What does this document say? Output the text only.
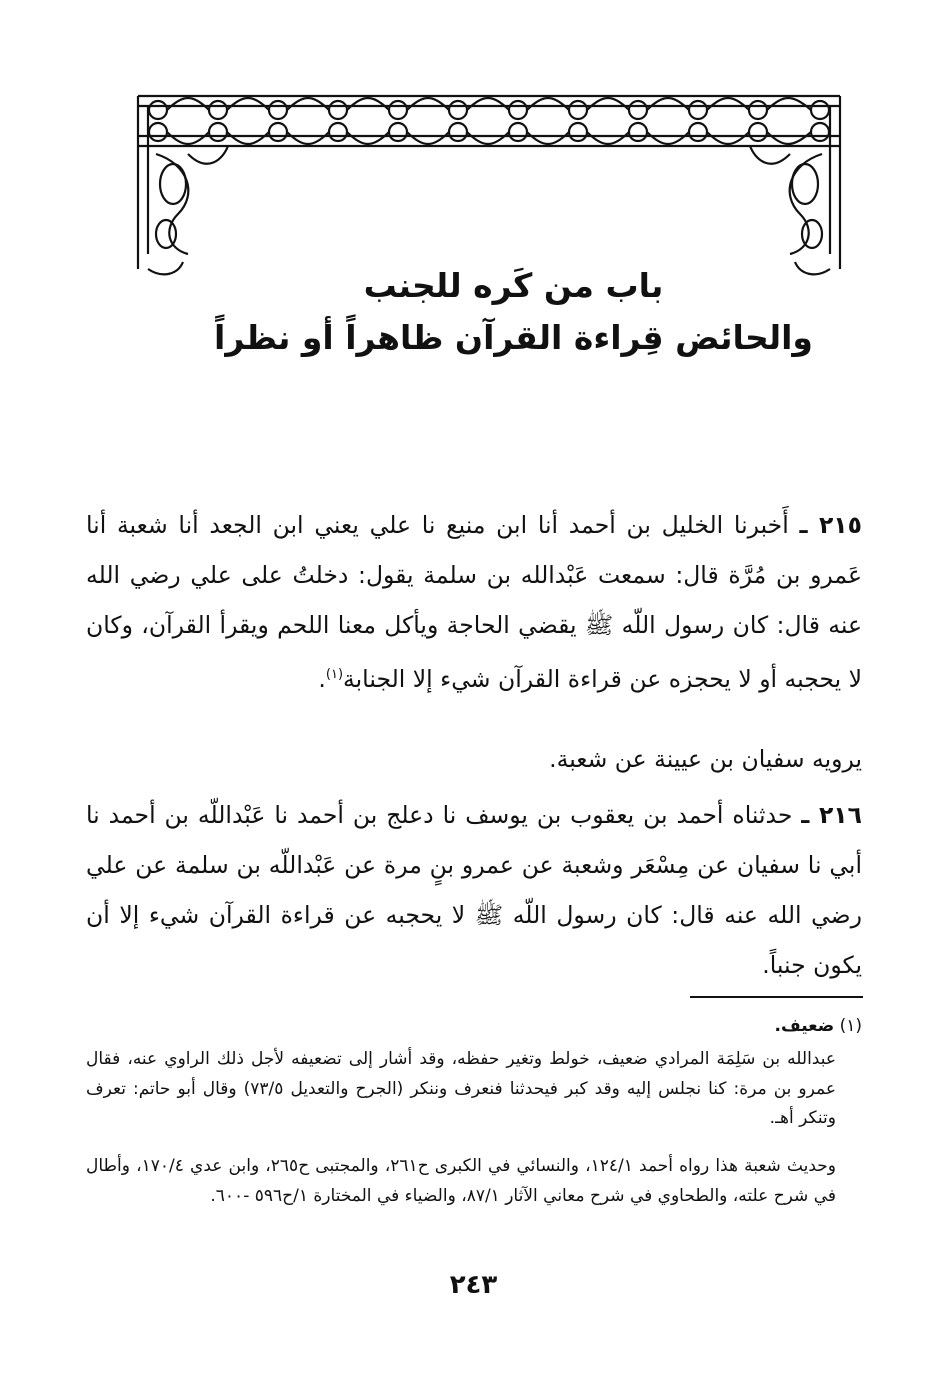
باب من كَره للجنب
والحائض قِراءة القرآن ظاهراً أو نظراً

٢١٥ ـ أَخبرنا الخليل بن أحمد أنا ابن منيع نا علي يعني ابن الجعد أنا شعبة أنا عَمرو بن مُرَّة قال: سمعت عَبْدالله بن سلمة يقول: دخلتُ على علي رضي الله عنه قال: كان رسول اللّه ﷺ يقضي الحاجة ويأكل معنا اللحم ويقرأ القرآن، وكان لا يحجبه أو لا يحجزه عن قراءة القرآن شيء إلا الجنابة$^{(١)}$.

يرويه سفيان بن عيينة عن شعبة.

٢١٦ ـ حدثناه أحمد بن يعقوب بن يوسف نا دعلج بن أحمد نا عَبْداللّه بن أحمد نا أبي نا سفيان عن مِسْعَر وشعبة عن عمرو بنٍ مرة عن عَبْداللّه بن سلمة عن علي رضي الله عنه قال: كان رسول اللّه ﷺ لا يحجبه عن قراءة القرآن شيء إلا أن يكون جنباً.

(١) ضعيف.

عبدالله بن سَلِمَة المرادي ضعيف، خولط وتغير حفظه، وقد أشار إلى تضعيفه لأجل ذلك الراوي عنه، فقال عمرو بن مرة: كنا نجلس إليه وقد كبر فيحدثنا فنعرف وننكر (الجرح والتعديل ٧٣/٥) وقال أبو حاتم: تعرف وتنكر أهـ.

وحديث شعبة هذا رواه أحمد ١٢٤/١، والنسائي في الكبرى ح٢٦١، والمجتبى ح٢٦٥، وابن عدي ١٧٠/٤، وأطال في شرح علته، والطحاوي في شرح معاني الآثار ٨٧/١، والضياء في المختارة ١/ح٥٩٦ -٦٠٠.

٢٤٣
